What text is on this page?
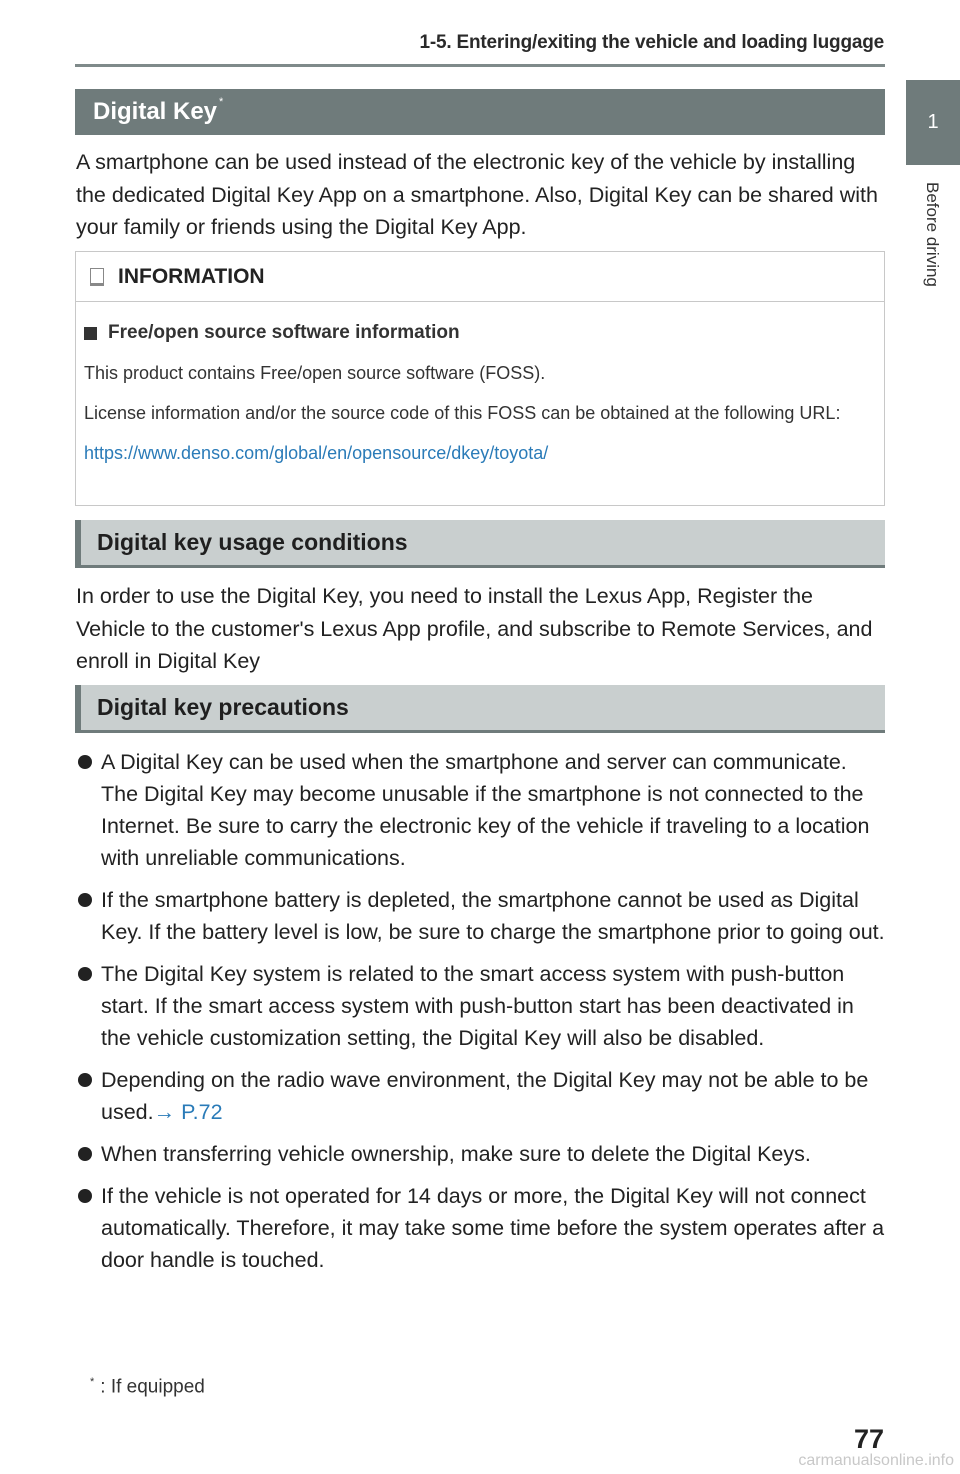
1-5. Entering/exiting the vehicle and loading luggage
1
Before driving
Digital Key*
A smartphone can be used instead of the electronic key of the vehicle by installing the dedicated Digital Key App on a smartphone. Also, Digital Key can be shared with your family or friends using the Digital Key App.
INFORMATION
Free/open source software information

This product contains Free/open source software (FOSS).

License information and/or the source code of this FOSS can be obtained at the following URL:

https://www.denso.com/global/en/opensource/dkey/toyota/

Digital key usage conditions
In order to use the Digital Key, you need to install the Lexus App, Register the Vehicle to the customer's Lexus App profile, and subscribe to Remote Services, and enroll in Digital Key
Digital key precautions
A Digital Key can be used when the smartphone and server can communicate. The Digital Key may become unusable if the smartphone is not connected to the Internet. Be sure to carry the electronic key of the vehicle if traveling to a location with unreliable communications.
If the smartphone battery is depleted, the smartphone cannot be used as Digital Key. If the battery level is low, be sure to charge the smartphone prior to going out.
The Digital Key system is related to the smart access system with push-button start. If the smart access system with push-button start has been deactivated in the vehicle customization setting, the Digital Key will also be disabled.
Depending on the radio wave environment, the Digital Key may not be able to be used.→ P.72
When transferring vehicle ownership, make sure to delete the Digital Keys.
If the vehicle is not operated for 14 days or more, the Digital Key will not connect automatically. Therefore, it may take some time before the system operates after a door handle is touched.
* : If equipped
77
carmanualsonline.info
